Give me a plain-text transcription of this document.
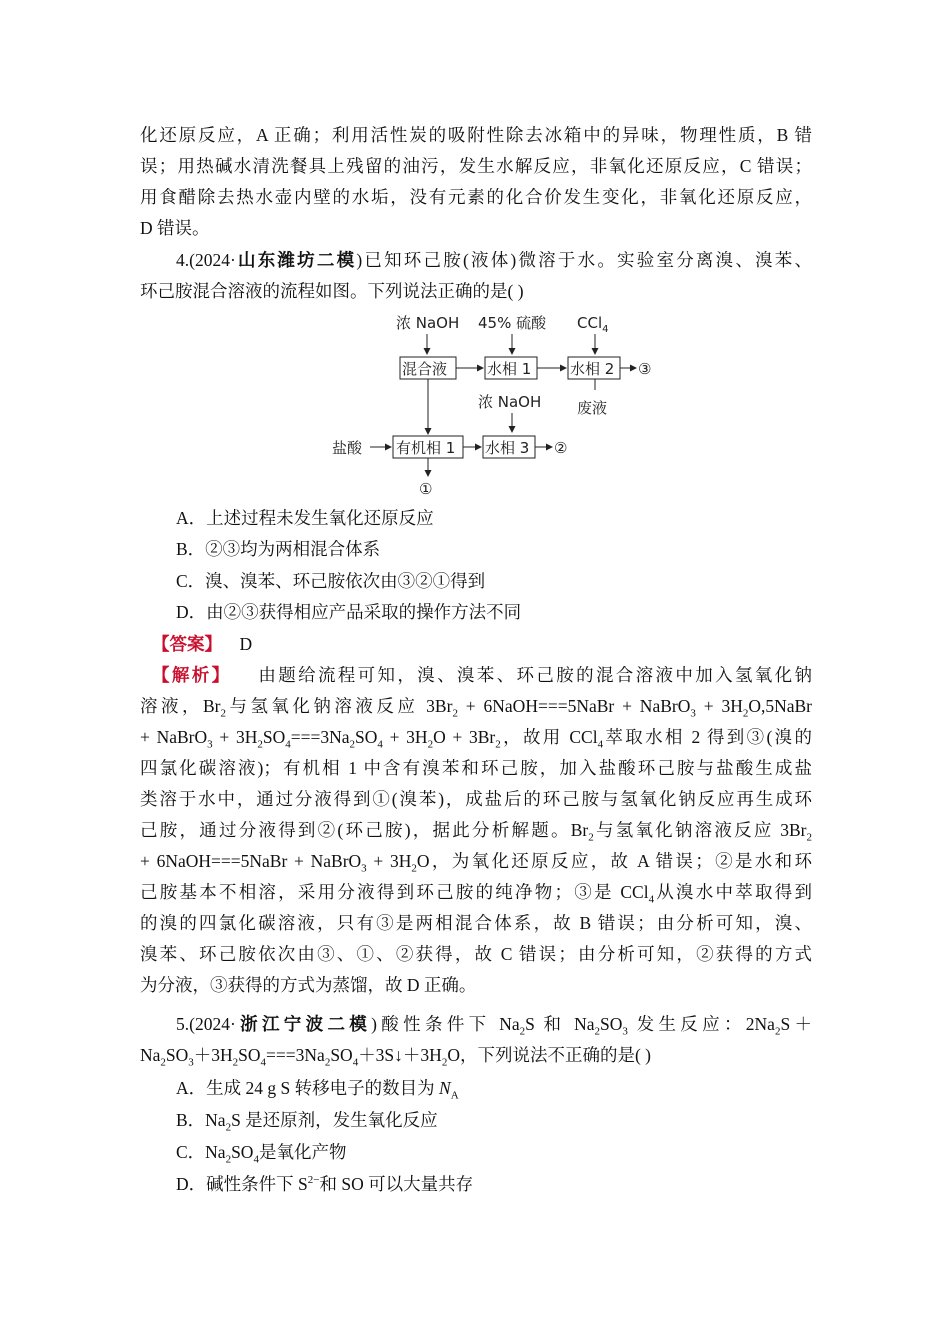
化还原反应，A 正确；利用活性炭的吸附性除去冰箱中的异味，物理性质，B 错
误；用热碱水清洗餐具上残留的油污，发生水解反应，非氧化还原反应，C 错误；
用食醋除去热水壶内壁的水垢，没有元素的化合价发生变化，非氧化还原反应，
D 错误。
4.(2024·山东潍坊二模)已知环己胺(液体)微溶于水。实验室分离溴、溴苯、
环己胺混合溶液的流程如图。下列说法正确的是( )
浓 NaOH 45% 硫酸 CCl$_4$
混合液	水相 1	水相 2 ③
浓 NaOH 废液
盐酸 有机相 1 水相 3 ②
①
A．上述过程未发生氧化还原反应
B．②③均为两相混合体系
C．溴、溴苯、环己胺依次由③②①得到
D．由②③获得相应产品采取的操作方法不同
【答案】 D
【解析】 由题给流程可知，溴、溴苯、环己胺的混合溶液中加入氢氧化钠
溶液，$Br_2$与氢氧化钠溶液反应 $3Br_2$ + 6NaOH===5NaBr + NaBrO$_3$ + $3H_2O,5NaBr$
+ NaBrO$_3$ + $3H_2SO_4===3Na_2SO_4 + 3H_2O + 3Br_2$，故用 CCl$_4$萃取水相 2 得到③(溴的
四氯化碳溶液)；有机相 1 中含有溴苯和环己胺，加入盐酸环己胺与盐酸生成盐
类溶于水中，通过分液得到①(溴苯)，成盐后的环己胺与氢氧化钠反应再生成环
己胺，通过分液得到②(环己胺)，据此分析解题。$Br_2$与氢氧化钠溶液反应 $3Br_2$
+ 6NaOH===5NaBr + NaBrO$_3$ + $3H_2O$，为氧化还原反应，故 A 错误；②是水和环
己胺基本不相溶，采用分液得到环己胺的纯净物；③是 CCl$_4$从溴水中萃取得到
的溴的四氯化碳溶液，只有③是两相混合体系，故 B 错误；由分析可知，溴、
溴苯、环己胺依次由③、①、②获得，故 C 错误；由分析可知，②获得的方式
为分液，③获得的方式为蒸馏，故 D 正确。
5.(2024·浙江宁波二模)酸性条件下 $Na_2S$ 和 $Na_2SO_3$ 发生反应：$2Na_2S+$
$Na_2SO_3+3H_2SO_4===3Na_2SO_4+3S↓+3H_2O$，下列说法不正确的是( )
A．生成 24 g S 转移电子的数目为 $N_A$
B．$Na_2S$ 是还原剂，发生氧化反应
C．$Na_2SO_4$是氧化产物
D．碱性条件下 $S^{2-}$和 SO 可以大量共存
